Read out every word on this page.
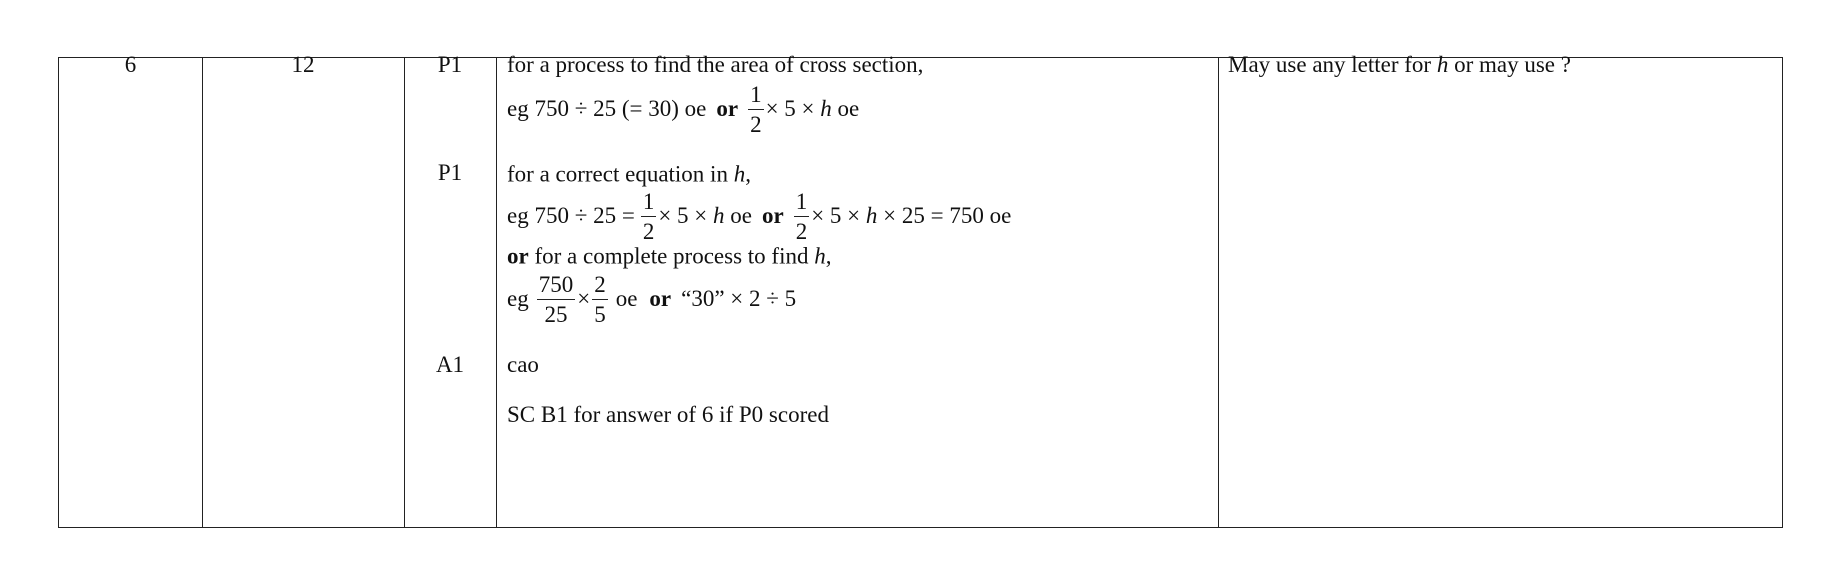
6	12	P1
P1
A1
for a process to find the area of cross section,
eg 750 ÷ 25 (= 30) oe or $\frac{1}{2} \times 5$ ×
h
oe
for a correct equation in h,
eg $750 \div 25 = \frac{1}{2} \times 5$ ×
h
oe or $\frac{1}{2} \times 5$ ×
h
× 25 = 750 oe
or for a complete process to find h,
eg $\frac{750}{25} \times \frac{2}{5}$ oe or “30” × 2 ÷ 5
cao
SC B1 for answer of 6 if P0 scored
May use any letter for h or may use ?
